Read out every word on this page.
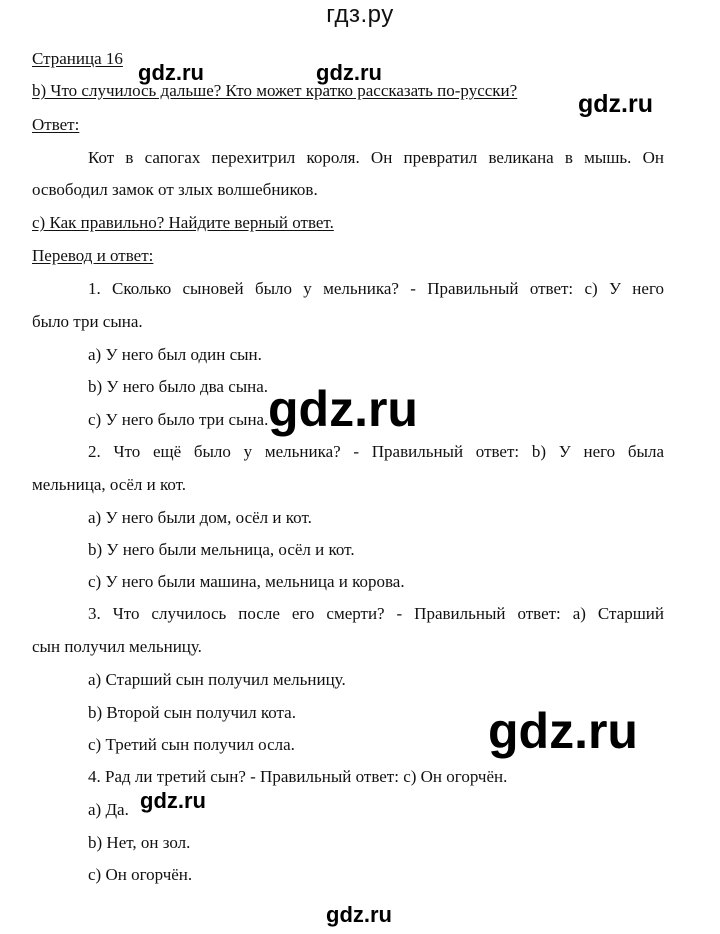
гдз.ру
Страница 16
b) Что случилось дальше? Кто может кратко рассказать по-русски?
Ответ:
Кот в сапогах перехитрил короля. Он превратил великана в мышь. Он
освободил замок от злых волшебников.
c) Как правильно? Найдите верный ответ.
Перевод и ответ:
1. Сколько сыновей было у мельника? - Правильный ответ: c) У него
было три сына.
a) У него был один сын.
b) У него было два сына.
c) У него было три сына.
2. Что ещё было у мельника? - Правильный ответ: b) У него была
мельница, осёл и кот.
a) У него были дом, осёл и кот.
b) У него были мельница, осёл и кот.
c) У него были машина, мельница и корова.
3. Что случилось после его смерти? - Правильный ответ: а) Старший
сын получил мельницу.
a) Старший сын получил мельницу.
b) Второй сын получил кота.
c) Третий сын получил осла.
4. Рад ли третий сын? - Правильный ответ: c) Он огорчён.
a) Да.
b) Нет, он зол.
c) Он огорчён.
gdz.ru	gdz.ru
gdz.ru
gdz.ru
gdz.ru
gdz.ru
gdz.ru
